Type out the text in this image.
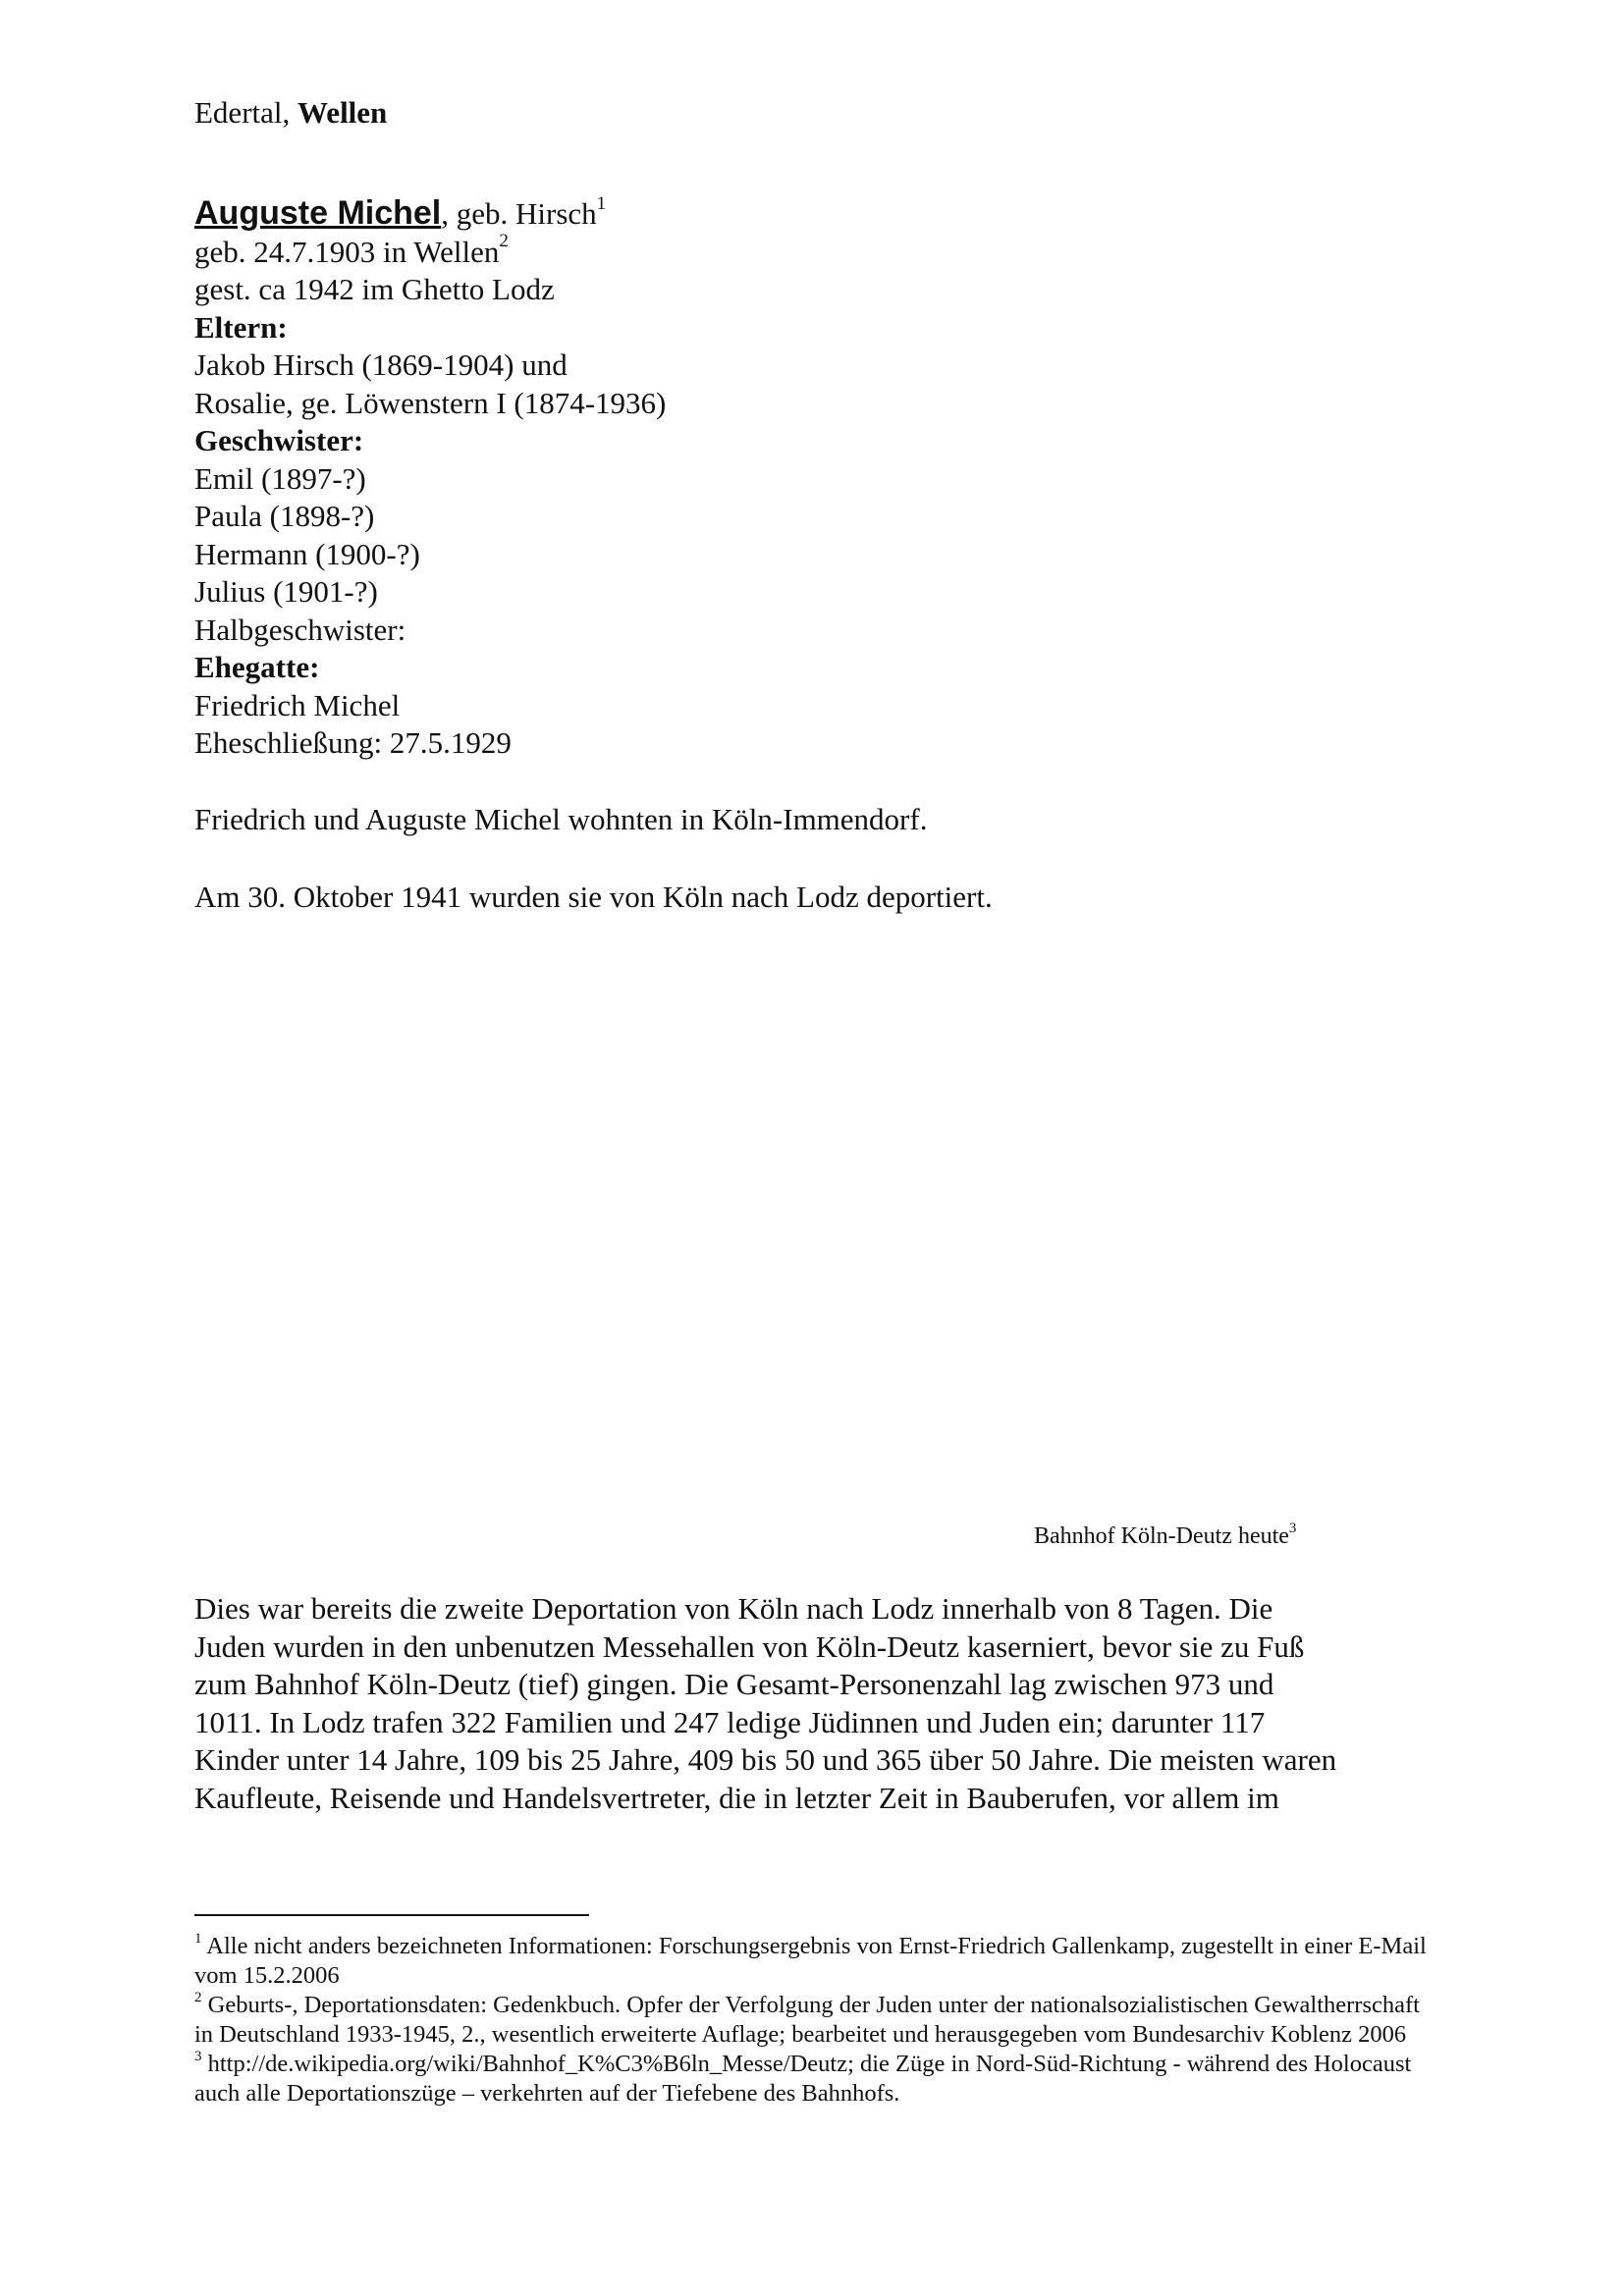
Edertal, Wellen
Auguste Michel, geb. Hirsch$^1$
geb. 24.7.1903 in Wellen$^2$
gest. ca 1942 im Ghetto Lodz
Eltern:
Jakob Hirsch (1869-1904) und
Rosalie, ge. Löwenstern I (1874-1936)
Geschwister:
Emil (1897-?)
Paula (1898-?)
Hermann (1900-?)
Julius (1901-?)
Halbgeschwister:
Ehegatte:
Friedrich Michel
Eheschließung: 27.5.1929
Friedrich und Auguste Michel wohnten in Köln-Immendorf.
Am 30. Oktober 1941 wurden sie von Köln nach Lodz deportiert.
Bahnhof Köln-Deutz heute$^3$
Dies war bereits die zweite Deportation von Köln nach Lodz innerhalb von 8 Tagen. Die
Juden wurden in den unbenutzen Messehallen von Köln-Deutz kaserniert, bevor sie zu Fuß
zum Bahnhof Köln-Deutz (tief) gingen. Die Gesamt-Personenzahl lag zwischen 973 und
1011. In Lodz trafen 322 Familien und 247 ledige Jüdinnen und Juden ein; darunter 117
Kinder unter 14 Jahre, 109 bis 25 Jahre, 409 bis 50 und 365 über 50 Jahre. Die meisten waren
Kaufleute, Reisende und Handelsvertreter, die in letzter Zeit in Bauberufen, vor allem im

$^1$ Alle nicht anders bezeichneten Informationen: Forschungsergebnis von Ernst-Friedrich Gallenkamp, zugestellt in einer E-Mail vom 15.2.2006

$^2$ Geburts-, Deportationsdaten: Gedenkbuch. Opfer der Verfolgung der Juden unter der nationalsozialistischen Gewaltherrschaft in Deutschland 1933-1945, 2., wesentlich erweiterte Auflage; bearbeitet und herausgegeben vom Bundesarchiv Koblenz 2006

$^3$ http://de.wikipedia.org/wiki/Bahnhof_K%C3%B6ln_Messe/Deutz; die Züge in Nord-Süd-Richtung - während des Holocaust auch alle Deportationszüge – verkehrten auf der Tiefebene des Bahnhofs.
